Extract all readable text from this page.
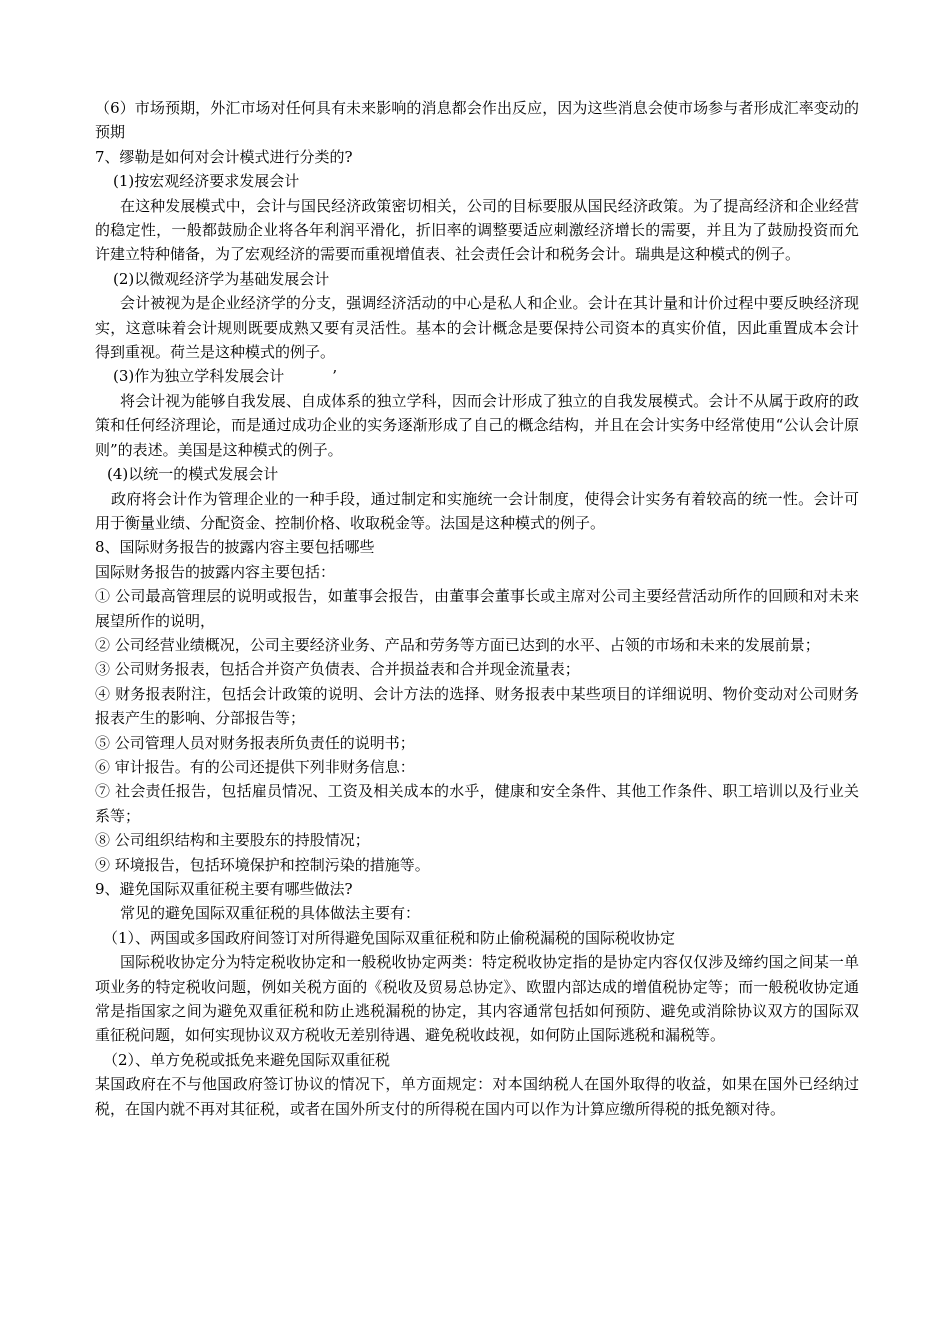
（6）市场预期，外汇市场对任何具有未来影响的消息都会作出反应，因为这些消息会使市场参与者形成汇率变动的预期

7、缪勒是如何对会计模式进行分类的?

(1)按宏观经济要求发展会计

在这种发展模式中，会计与国民经济政策密切相关，公司的目标要服从国民经济政策。为了提高经济和企业经营的稳定性，一般都鼓励企业将各年利润平滑化，折旧率的调整要适应刺激经济增长的需要，并且为了鼓励投资而允许建立特种储备，为了宏观经济的需要而重视增值表、社会责任会计和税务会计。瑞典是这种模式的例子。

(2)以微观经济学为基础发展会计

会计被视为是企业经济学的分支，强调经济活动的中心是私人和企业。会计在其计量和计价过程中要反映经济现实，这意味着会计规则既要成熟又要有灵活性。基本的会计概念是要保持公司资本的真实价值，因此重置成本会计得到重视。荷兰是这种模式的例子。

(3)作为独立学科发展会计	’

将会计视为能够自我发展、自成体系的独立学科，因而会计形成了独立的自我发展模式。会计不从属于政府的政策和任何经济理论，而是通过成功企业的实务逐渐形成了自己的概念结构，并且在会计实务中经常使用“公认会计原则”的表述。美国是这种模式的例子。

(4)以统一的模式发展会计

政府将会计作为管理企业的一种手段，通过制定和实施统一会计制度，使得会计实务有着较高的统一性。会计可用于衡量业绩、分配资金、控制价格、收取税金等。法国是这种模式的例子。

8、国际财务报告的披露内容主要包括哪些

国际财务报告的披露内容主要包括：

① 公司最高管理层的说明或报告，如董事会报告，由董事会董事长或主席对公司主要经营活动所作的回顾和对未来展望所作的说明，

② 公司经营业绩概况，公司主要经济业务、产品和劳务等方面已达到的水平、占领的市场和未来的发展前景；

③ 公司财务报表，包括合并资产负债表、合并损益表和合并现金流量表；

④ 财务报表附注，包括会计政策的说明、会计方法的选择、财务报表中某些项目的详细说明、物价变动对公司财务报表产生的影响、分部报告等；

⑤ 公司管理人员对财务报表所负责任的说明书；

⑥ 审计报告。有的公司还提供下列非财务信息：

⑦ 社会责任报告，包括雇员情况、工资及相关成本的水乎，健康和安全条件、其他工作条件、职工培训以及行业关系等；

⑧ 公司组织结构和主要股东的持股情况；

⑨ 环境报告，包括环境保护和控制污染的措施等。

9、避免国际双重征税主要有哪些做法?

常见的避免国际双重征税的具体做法主要有：

（1）、两国或多国政府间签订对所得避免国际双重征税和防止偷税漏税的国际税收协定

国际税收协定分为特定税收协定和一般税收协定两类：特定税收协定指的是协定内容仅仅涉及缔约国之间某一单项业务的特定税收问题，例如关税方面的《税收及贸易总协定》、欧盟内部达成的增值税协定等；而一般税收协定通常是指国家之间为避免双重征税和防止逃税漏税的协定，其内容通常包括如何预防、避免或消除协议双方的国际双重征税问题，如何实现协议双方税收无差别待遇、避免税收歧视，如何防止国际逃税和漏税等。

（2）、单方免税或抵免来避免国际双重征税

某国政府在不与他国政府签订协议的情况下，单方面规定：对本国纳税人在国外取得的收益，如果在国外已经纳过税，在国内就不再对其征税，或者在国外所支付的所得税在国内可以作为计算应缴所得税的抵免额对待。
